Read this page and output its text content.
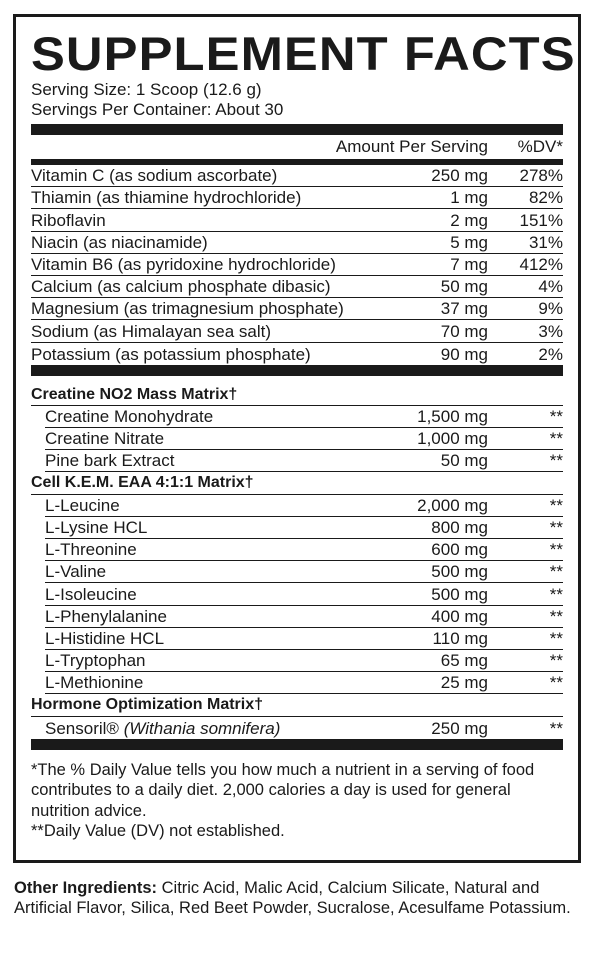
SUPPLEMENT FACTS
Serving Size: 1 Scoop (12.6 g)
Servings Per Container: About 30
Amount Per Serving	%DV*
Vitamin C (as sodium ascorbate)	250 mg	278%
Thiamin (as thiamine hydrochloride)	1 mg	82%
Riboflavin	2 mg	151%
Niacin (as niacinamide)	5 mg	31%
Vitamin B6 (as pyridoxine hydrochloride)	7 mg	412%
Calcium (as calcium phosphate dibasic)	50 mg	4%
Magnesium (as trimagnesium phosphate)	37 mg	9%
Sodium (as Himalayan sea salt)	70 mg	3%
Potassium (as potassium phosphate)	90 mg	2%
Creatine NO2 Mass Matrix†
Creatine Monohydrate	1,500 mg	**
Creatine Nitrate	1,000 mg	**
Pine bark Extract	50 mg	**
Cell K.E.M. EAA 4:1:1 Matrix†
L-Leucine	2,000 mg	**
L-Lysine HCL	800 mg	**
L-Threonine	600 mg	**
L-Valine	500 mg	**
L-Isoleucine	500 mg	**
L-Phenylalanine	400 mg	**
L-Histidine HCL	110 mg	**
L-Tryptophan	65 mg	**
L-Methionine	25 mg	**
Hormone Optimization Matrix†
Sensoril® (Withania somnifera)	250 mg	**
*The % Daily Value tells you how much a nutrient in a serving of food contributes to a daily diet. 2,000 calories a day is used for general nutrition advice.
**Daily Value (DV) not established.
Other Ingredients: Citric Acid, Malic Acid, Calcium Silicate, Natural and Artificial Flavor, Silica, Red Beet Powder, Sucralose, Acesulfame Potassium.
